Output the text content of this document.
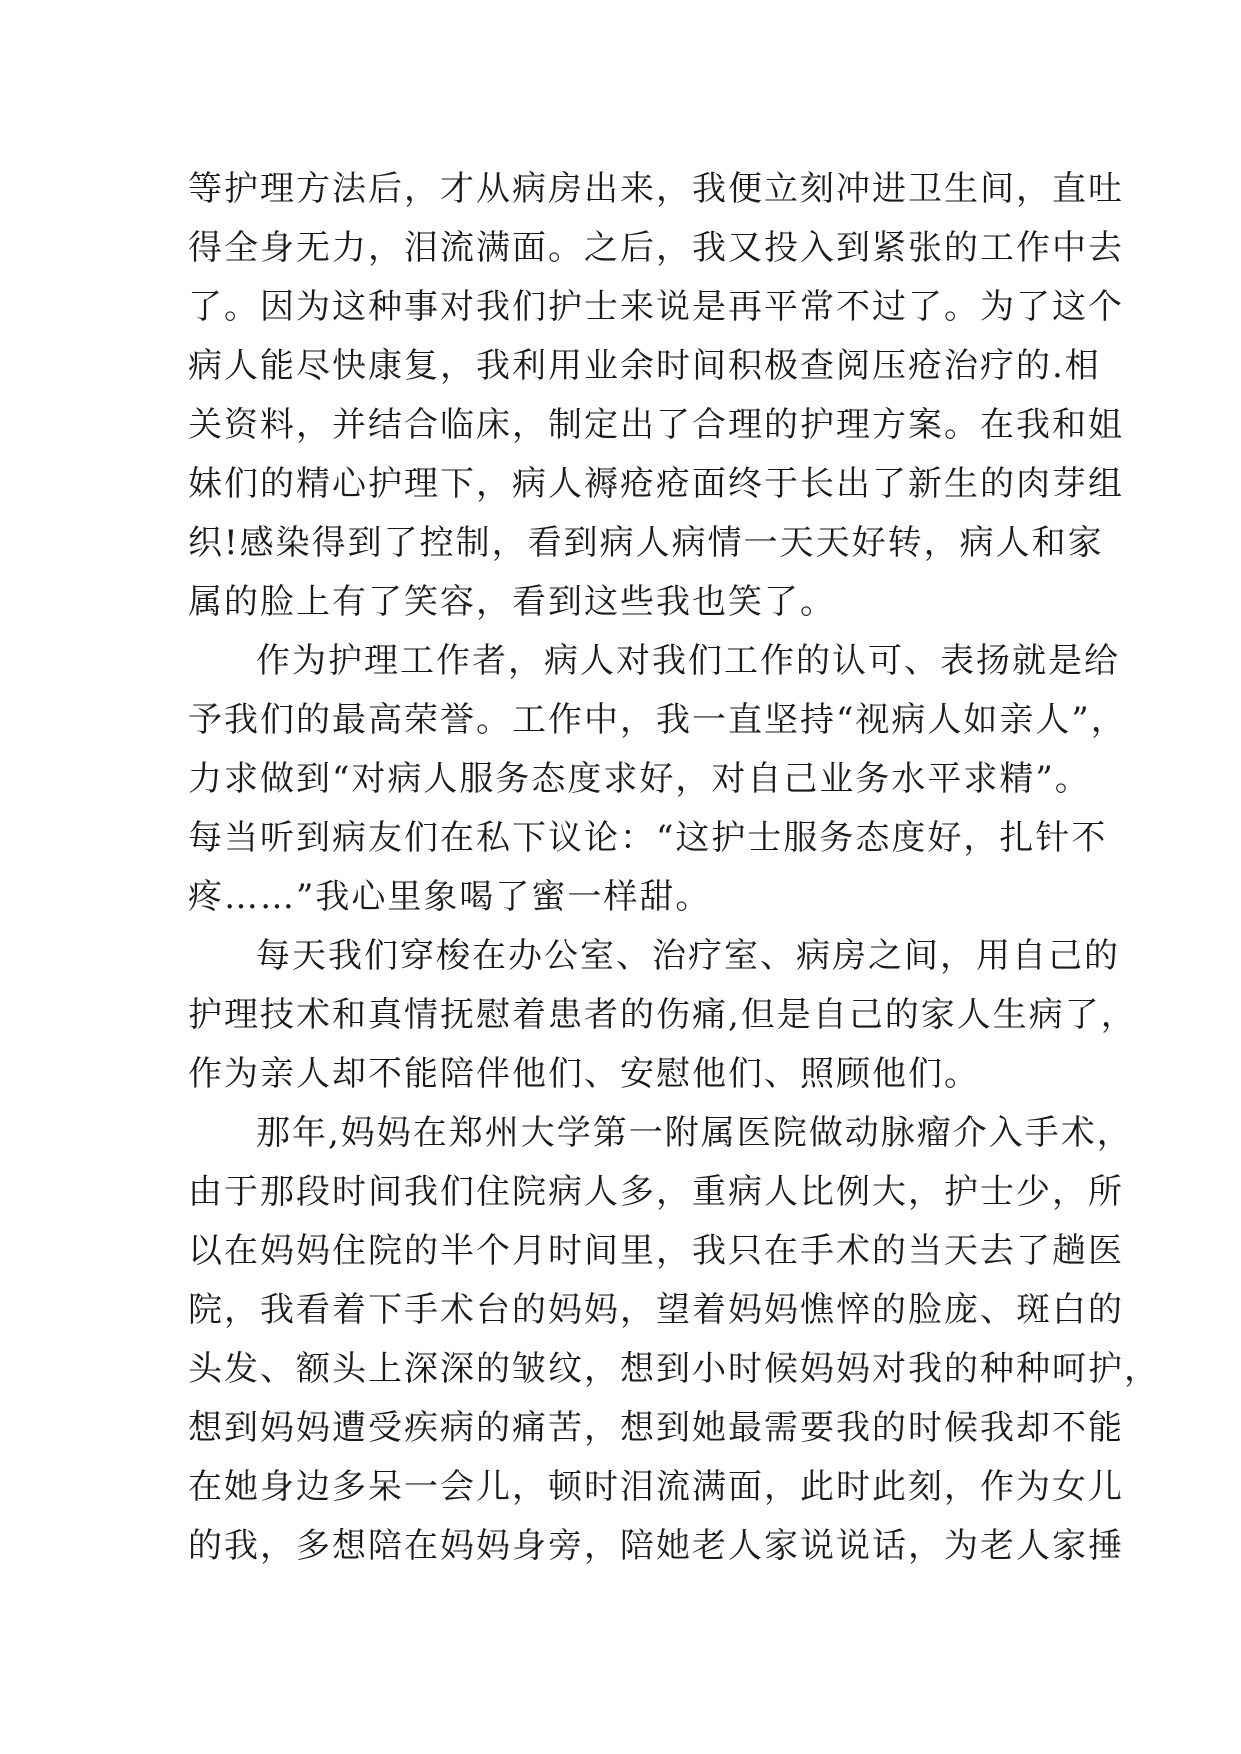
等护理方法后，才从病房出来，我便立刻冲进卫生间，直吐
得全身无力，泪流满面。之后，我又投入到紧张的工作中去
了。因为这种事对我们护士来说是再平常不过了。为了这个
病人能尽快康复，我利用业余时间积极查阅压疮治疗的.相
关资料，并结合临床，制定出了合理的护理方案。在我和姐
妹们的精心护理下，病人褥疮疮面终于长出了新生的肉芽组
织!感染得到了控制，看到病人病情一天天好转，病人和家
属的脸上有了笑容，看到这些我也笑了。
作为护理工作者，病人对我们工作的认可、表扬就是给
予我们的最高荣誉。工作中，我一直坚持“视病人如亲人”，
力求做到“对病人服务态度求好，对自己业务水平求精”。
每当听到病友们在私下议论：“这护士服务态度好，扎针不
疼……”我心里象喝了蜜一样甜。
每天我们穿梭在办公室、治疗室、病房之间，用自己的
护理技术和真情抚慰着患者的伤痛,但是自己的家人生病了，
作为亲人却不能陪伴他们、安慰他们、照顾他们。
那年,妈妈在郑州大学第一附属医院做动脉瘤介入手术，
由于那段时间我们住院病人多，重病人比例大，护士少，所
以在妈妈住院的半个月时间里，我只在手术的当天去了趟医
院，我看着下手术台的妈妈，望着妈妈憔悴的脸庞、斑白的
头发、额头上深深的皱纹，想到小时候妈妈对我的种种呵护，
想到妈妈遭受疾病的痛苦，想到她最需要我的时候我却不能
在她身边多呆一会儿，顿时泪流满面，此时此刻，作为女儿
的我，多想陪在妈妈身旁，陪她老人家说说话，为老人家捶
